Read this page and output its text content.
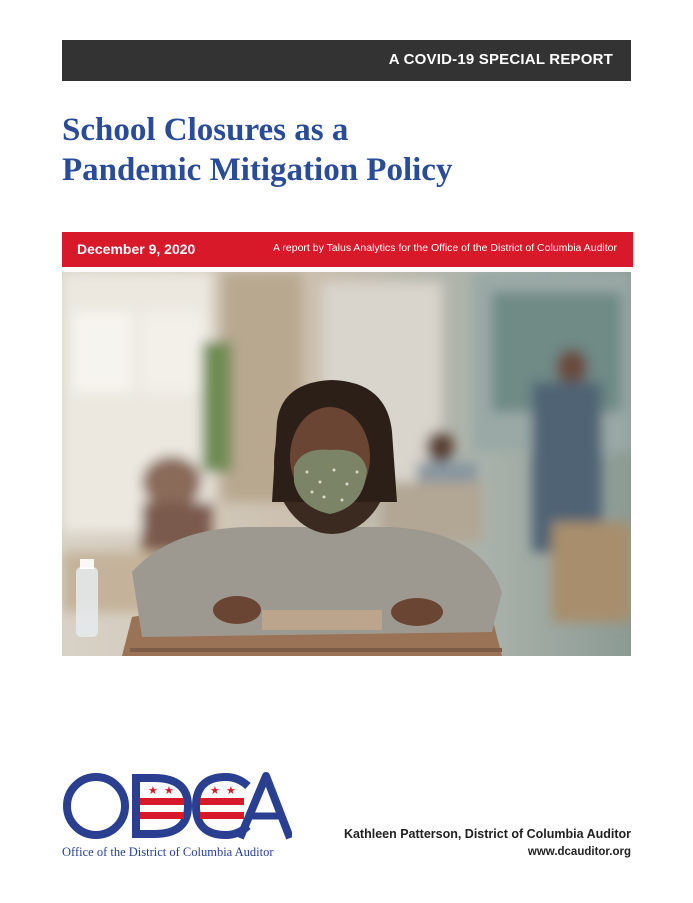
A COVID-19 SPECIAL REPORT
School Closures as a
Pandemic Mitigation Policy
December 9, 2020	A report by Talus Analytics for the Office of the District of Columbia Auditor
★ ★	★ ★
Office of the District of Columbia Auditor
Kathleen Patterson, District of Columbia Auditor
www.dcauditor.org
